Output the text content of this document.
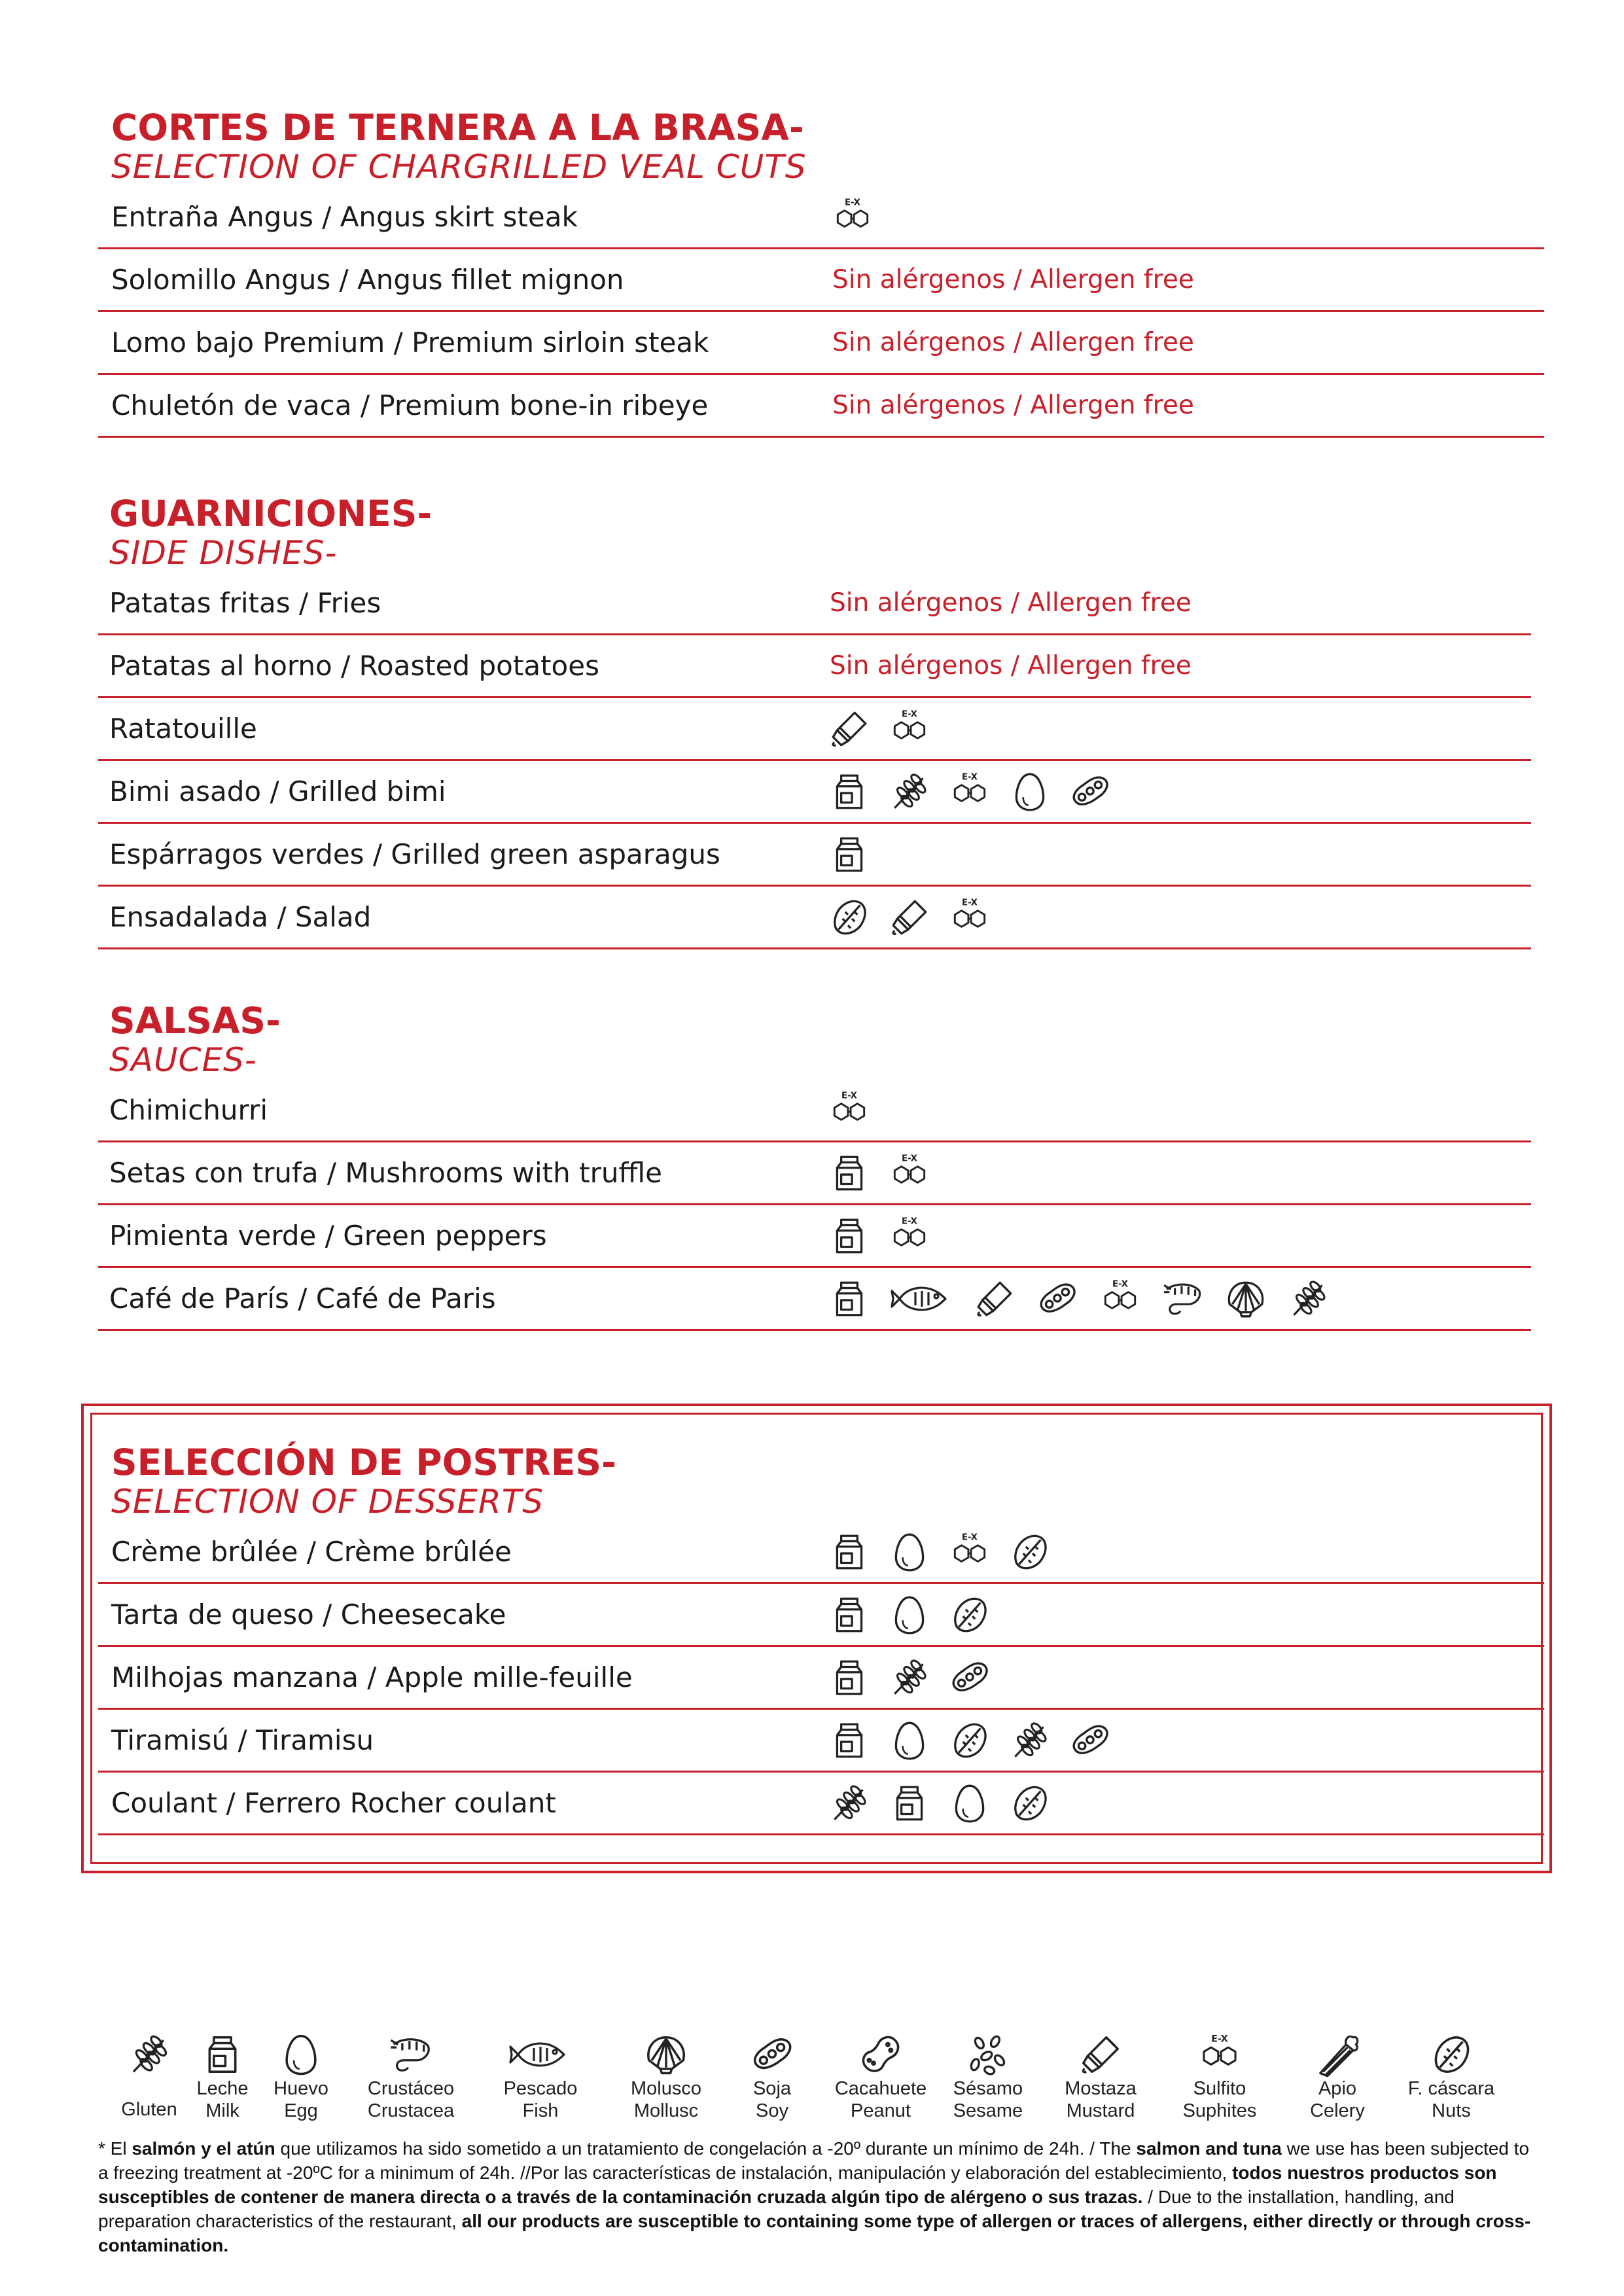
CORTES DE TERNERA A LA BRASA-
SELECTION OF CHARGRILLED VEAL CUTS
Entraña Angus / Angus skirt steak
Solomillo Angus / Angus fillet mignon	Sin alérgenos / Allergen free
Lomo bajo Premium / Premium sirloin steak	Sin alérgenos / Allergen free
Chuletón de vaca / Premium bone-in ribeye	Sin alérgenos / Allergen free
GUARNICIONES-
SIDE DISHES-
Patatas fritas / Fries	Sin alérgenos / Allergen free
Patatas al horno / Roasted potatoes	Sin alérgenos / Allergen free
Ratatouille
Bimi asado / Grilled bimi
Espárragos verdes / Grilled green asparagus
Ensadalada / Salad
SALSAS-
SAUCES-
Chimichurri
Setas con trufa / Mushrooms with truffle
Pimienta verde / Green peppers
Café de París / Café de Paris
SELECCIÓN DE POSTRES-
SELECTION OF DESSERTS
Crème brûlée / Crème brûlée
Tarta de queso / Cheesecake
Milhojas manzana / Apple mille-feuille
Tiramisú / Tiramisu
Coulant / Ferrero Rocher coulant
Gluten
Leche
Milk
Huevo
Egg
Crustáceo
Crustacea
Pescado
Fish
Molusco
Mollusc
Soja
Soy
Cacahuete
Peanut
Sésamo
Sesame
Mostaza
Mustard
Sulfito
Suphites
Apio
Celery
F. cáscara
Nuts
* El salmón y el atún que utilizamos ha sido sometido a un tratamiento de congelación a -20º durante un mínimo de 24h. / The salmon and tuna we use has been subjected to a freezing treatment at -20ºC for a minimum of 24h. //Por las características de instalación, manipulación y elaboración del establecimiento, todos nuestros productos son susceptibles de contener de manera directa o a través de la contaminación cruzada algún tipo de alérgeno o sus trazas. / Due to the installation, handling, and preparation characteristics of the restaurant, all our products are susceptible to containing some type of allergen or traces of allergens, either directly or through cross-contamination.
